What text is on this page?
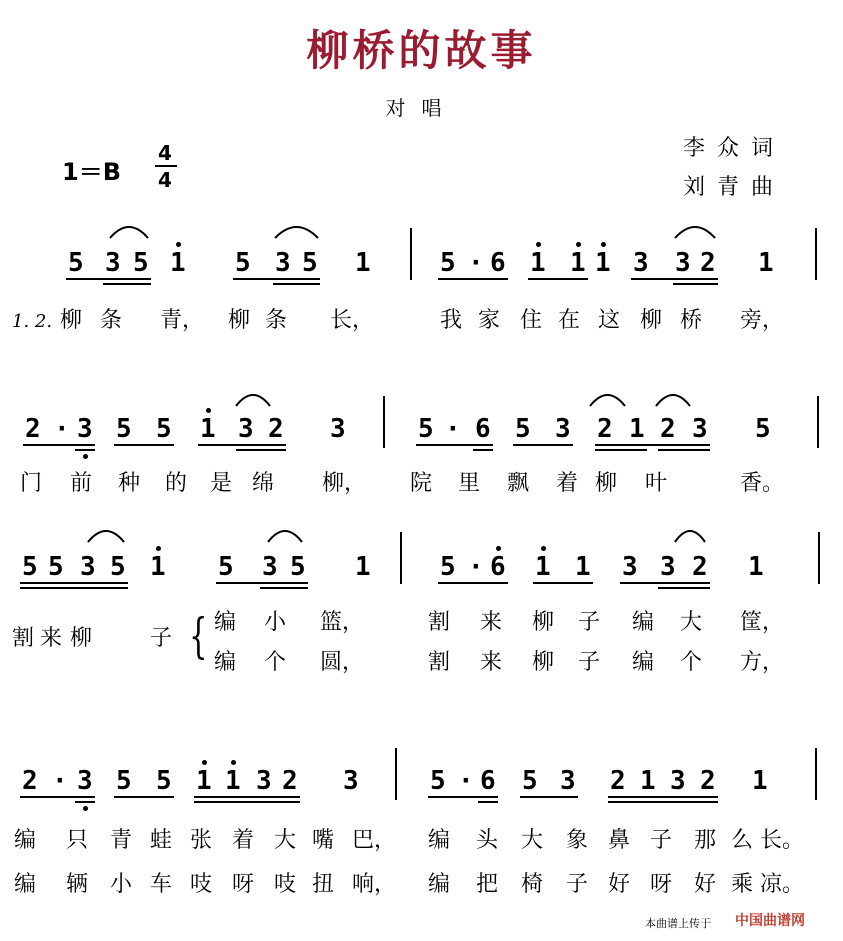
柳桥的故事
对唱
李众词
刘青曲
1＝B
4
4
5 3 5 1 5 3 5 1	5 · 6 1 1 1 3 3 2 1
2 · 3 5 5 1 3 2 3	5 · 6 5 3 2 1 2 3 5
5 5 3 5 1 5 3 5 1	5 · 6 1 1 3 3 2 1
2 · 3 5 5 1 1 3 2 3	5 · 6 5 3 2 1 3 2 1
1. 2. 柳 条 青， 柳 条 长，	我 家 住 在 这 柳 桥 旁，
门 前 种 的 是 绵 柳， 院 里 飘 着 柳 叶	香。
割 来 柳	子
编 小 篮，	割 来 柳 子 编 大 筐，
编 个 圆，	割 来 柳 子 编 个 方，
编 只 青 蛙 张 着 大 嘴 巴， 编 头 大 象 鼻 子 那 么 长。
编 辆 小 车 吱 呀 吱 扭 响， 编 把 椅 子 好 呀 好 乘 凉。
{
本曲谱上传于 中国曲谱网
